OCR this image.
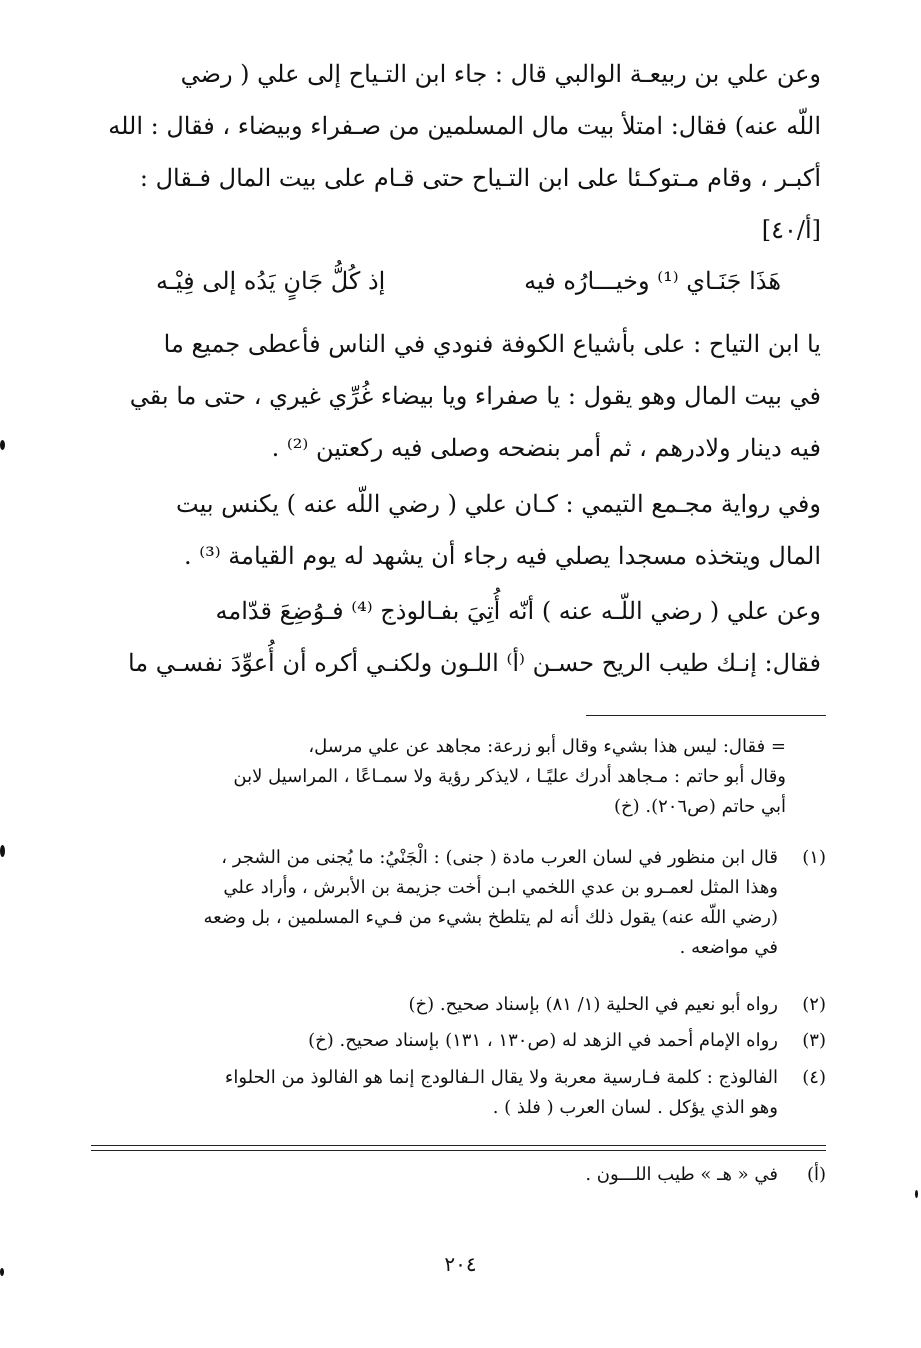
وعن علي بن ربيعـة الوالبي قال : جاء ابن التـياح إلى علي ( رضي
اللّه عنه) فقال: امتلأ بيت مال المسلمين من صـفراء وبيضاء ، فقال : الله
أكبـر ، وقام مـتوكـئا على ابن التـياح حتى قـام على بيت المال فـقال :
[أ/٤٠]
هَذَا جَنَـاي ⁽¹⁾ وخيـــارُه فيه
إذ كُلُّ جَانٍ يَدُه إلى فِيْـه
يا ابن التياح : على بأشياع الكوفة فنودي في الناس فأعطى جميع ما
في بيت المال وهو يقول : يا صفراء ويا بيضاء غُرِّي غيري ، حتى ما بقي
فيه دينار ولادرهم ، ثم أمر بنضحه وصلى فيه ركعتين ⁽²⁾ .
وفي رواية مجـمع التيمي : كـان علي ( رضي اللّه عنه ) يكنس بيت
المال ويتخذه مسجدا يصلي فيه رجاء أن يشهد له يوم القيامة ⁽³⁾ .
وعن علي ( رضي اللّـه عنه ) أنّه أُتِيَ بفـالوذج ⁽⁴⁾ فـوُضِعَ قدّامه
فقال: إنـك طيب الريح حسـن ⁽أ⁾ اللـون ولكنـي أكره أن أُعوِّدَ نفسـي ما
= فقال: ليس هذا بشيء وقال أبو زرعة: مجاهد عن علي مرسل،
وقال أبو حاتم : مـجاهد أدرك عليًـا ، لايذكر رؤية ولا سمـاعًا ، المراسيل لابن
أبي حاتم (ص٢٠٦). (خ)
(١)
قال ابن منظور في لسان العرب مادة ( جنى) : الْجَنْيُ: ما يُجنى من الشجر ،
وهذا المثل لعمـرو بن عدي اللخمي ابـن أخت جزيمة بن الأبرش ، وأراد علي
(رضي اللّه عنه) يقول ذلك أنه لم يتلطخ بشيء من فـيء المسلمين ، بل وضعه
في مواضعه .
(٢)
رواه أبو نعيم في الحلية (١/ ٨١) بإسناد صحيح. (خ)
(٣)
رواه الإمام أحمد في الزهد له (ص١٣٠ ، ١٣١) بإسناد صحيح. (خ)
(٤)
الفالوذج : كلمة فـارسية معربة ولا يقال الـفالودج إنما هو الفالوذ من الحلواء
وهو الذي يؤكل . لسان العرب ( فلذ ) .
(أ)
في « هـ » طيب اللـــون .
٢٠٤
